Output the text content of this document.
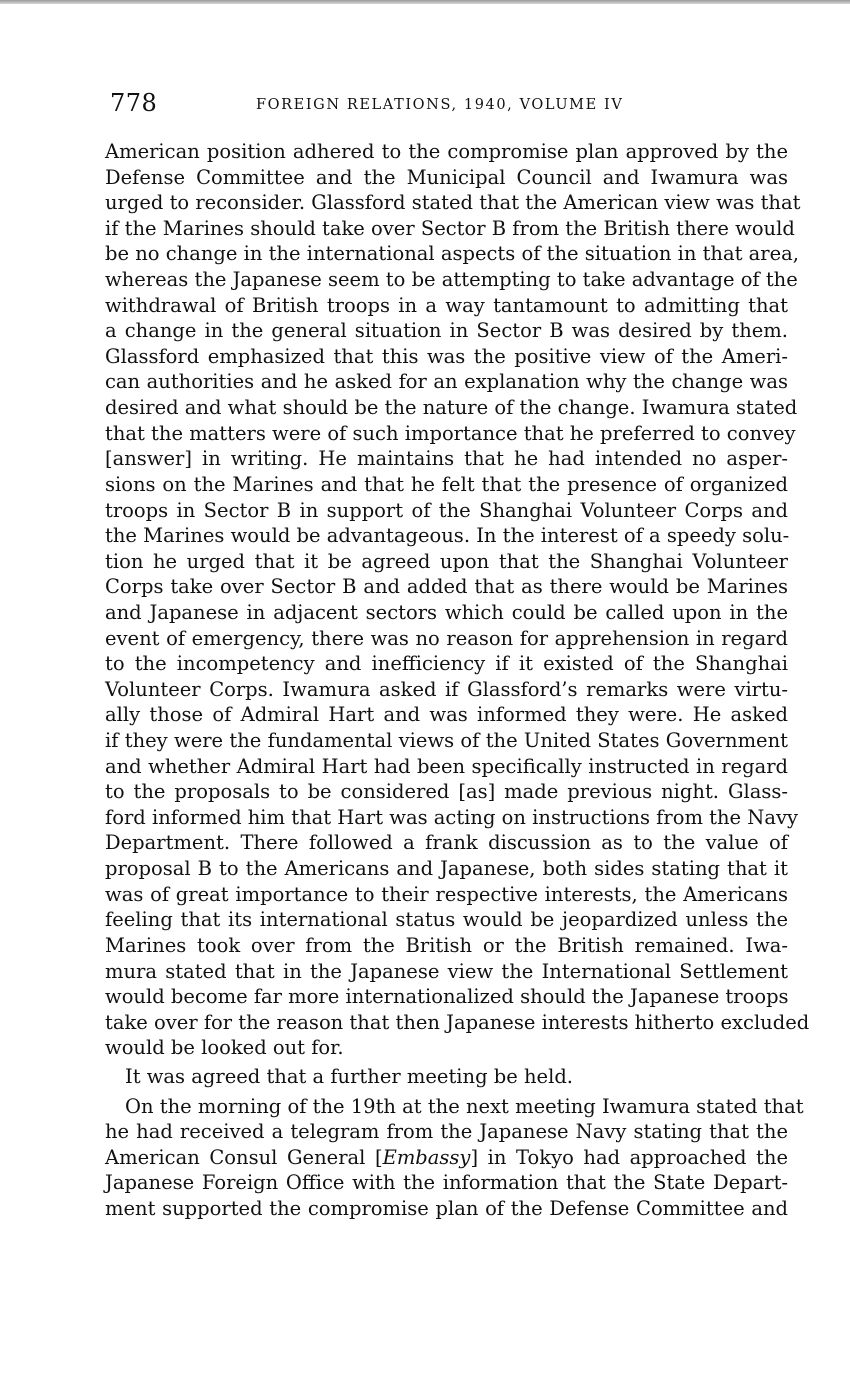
778	FOREIGN RELATIONS, 1940, VOLUME IV
American position adhered to the compromise plan approved by the
Defense Committee and the Municipal Council and Iwamura was
urged to reconsider. Glassford stated that the American view was that
if the Marines should take over Sector B from the British there would
be no change in the international aspects of the situation in that area,
whereas the Japanese seem to be attempting to take advantage of the
withdrawal of British troops in a way tantamount to admitting that
a change in the general situation in Sector B was desired by them.
Glassford emphasized that this was the positive view of the Ameri-
can authorities and he asked for an explanation why the change was
desired and what should be the nature of the change. Iwamura stated
that the matters were of such importance that he preferred to convey
[answer] in writing. He maintains that he had intended no asper-
sions on the Marines and that he felt that the presence of organized
troops in Sector B in support of the Shanghai Volunteer Corps and
the Marines would be advantageous. In the interest of a speedy solu-
tion he urged that it be agreed upon that the Shanghai Volunteer
Corps take over Sector B and added that as there would be Marines
and Japanese in adjacent sectors which could be called upon in the
event of emergency, there was no reason for apprehension in regard
to the incompetency and inefficiency if it existed of the Shanghai
Volunteer Corps. Iwamura asked if Glassford’s remarks were virtu-
ally those of Admiral Hart and was informed they were. He asked
if they were the fundamental views of the United States Government
and whether Admiral Hart had been specifically instructed in regard
to the proposals to be considered [as] made previous night. Glass-
ford informed him that Hart was acting on instructions from the Navy
Department. There followed a frank discussion as to the value of
proposal B to the Americans and Japanese, both sides stating that it
was of great importance to their respective interests, the Americans
feeling that its international status would be jeopardized unless the
Marines took over from the British or the British remained. Iwa-
mura stated that in the Japanese view the International Settlement
would become far more internationalized should the Japanese troops
take over for the reason that then Japanese interests hitherto excluded
would be looked out for.
It was agreed that a further meeting be held.
On the morning of the 19th at the next meeting Iwamura stated that
he had received a telegram from the Japanese Navy stating that the
American Consul General [Embassy] in Tokyo had approached the
Japanese Foreign Office with the information that the State Depart-
ment supported the compromise plan of the Defense Committee and
